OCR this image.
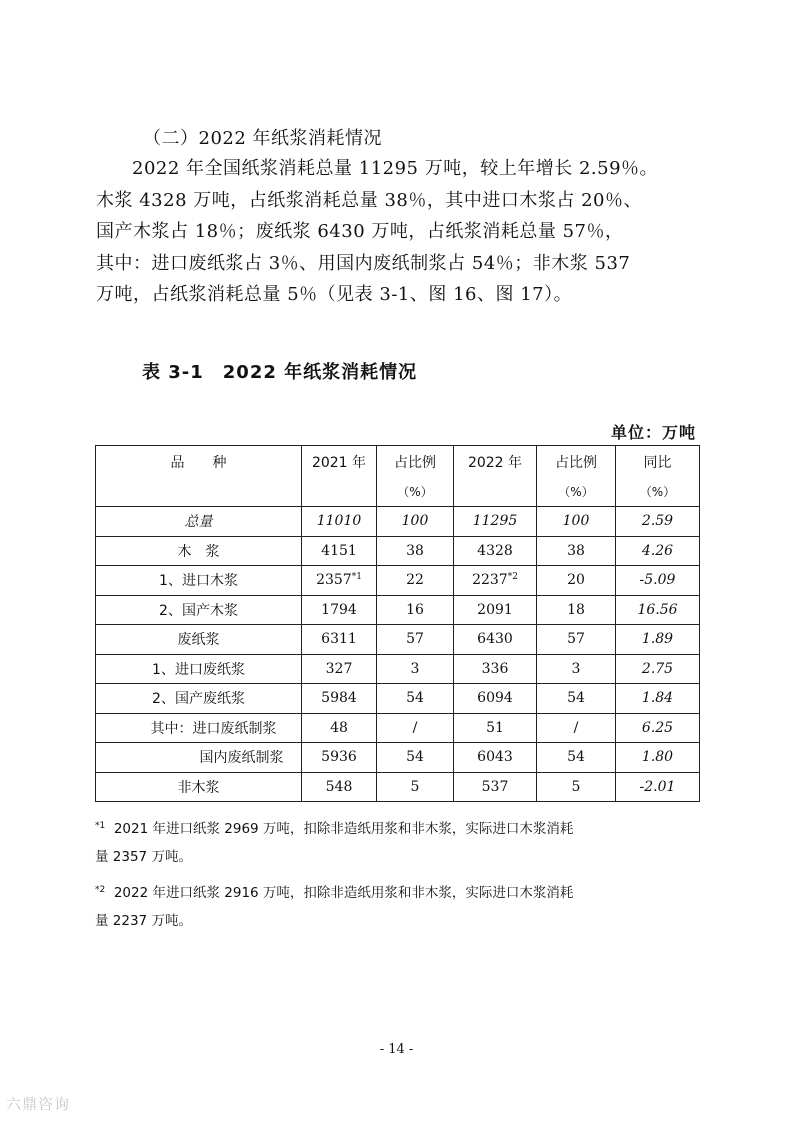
（二）2022 年纸浆消耗情况
2022 年全国纸浆消耗总量 11295 万吨，较上年增长 2.59％。
木浆 4328 万吨，占纸浆消耗总量 38％，其中进口木浆占 20％、
国产木浆占 18％；废纸浆 6430 万吨，占纸浆消耗总量 57％，
其中：进口废纸浆占 3％、用国内废纸制浆占 54％；非木浆 537
万吨，占纸浆消耗总量 5％（见表 3-1、图 16、图 17）。
表 3-1　2022 年纸浆消耗情况
单位：万吨
品　　种	2021 年	占比例	2022 年	占比例	同比
		（%）		（%）	（%）
总量	11010	100	11295	100	2.59
木　浆	4151	38	4328	38	4.26
1、进口木浆	2357$^{*1}$	22	2237$^{*2}$	20	-5.09
2、国产木浆	1794	16	2091	18	16.56
废纸浆	6311	57	6430	57	1.89
1、进口废纸浆	327	3	336	3	2.75
2、国产废纸浆	5984	54	6094	54	1.84
其中：进口废纸制浆	48	/	51	/	6.25
国内废纸制浆	5936	54	6043	54	1.80
非木浆	548	5	537	5	-2.01
$^{*1}$ 2021 年进口纸浆 2969 万吨，扣除非造纸用浆和非木浆，实际进口木浆消耗
量 2357 万吨。
$^{*2}$ 2022 年进口纸浆 2916 万吨，扣除非造纸用浆和非木浆，实际进口木浆消耗
量 2237 万吨。
- 14 -
六鼎咨询
